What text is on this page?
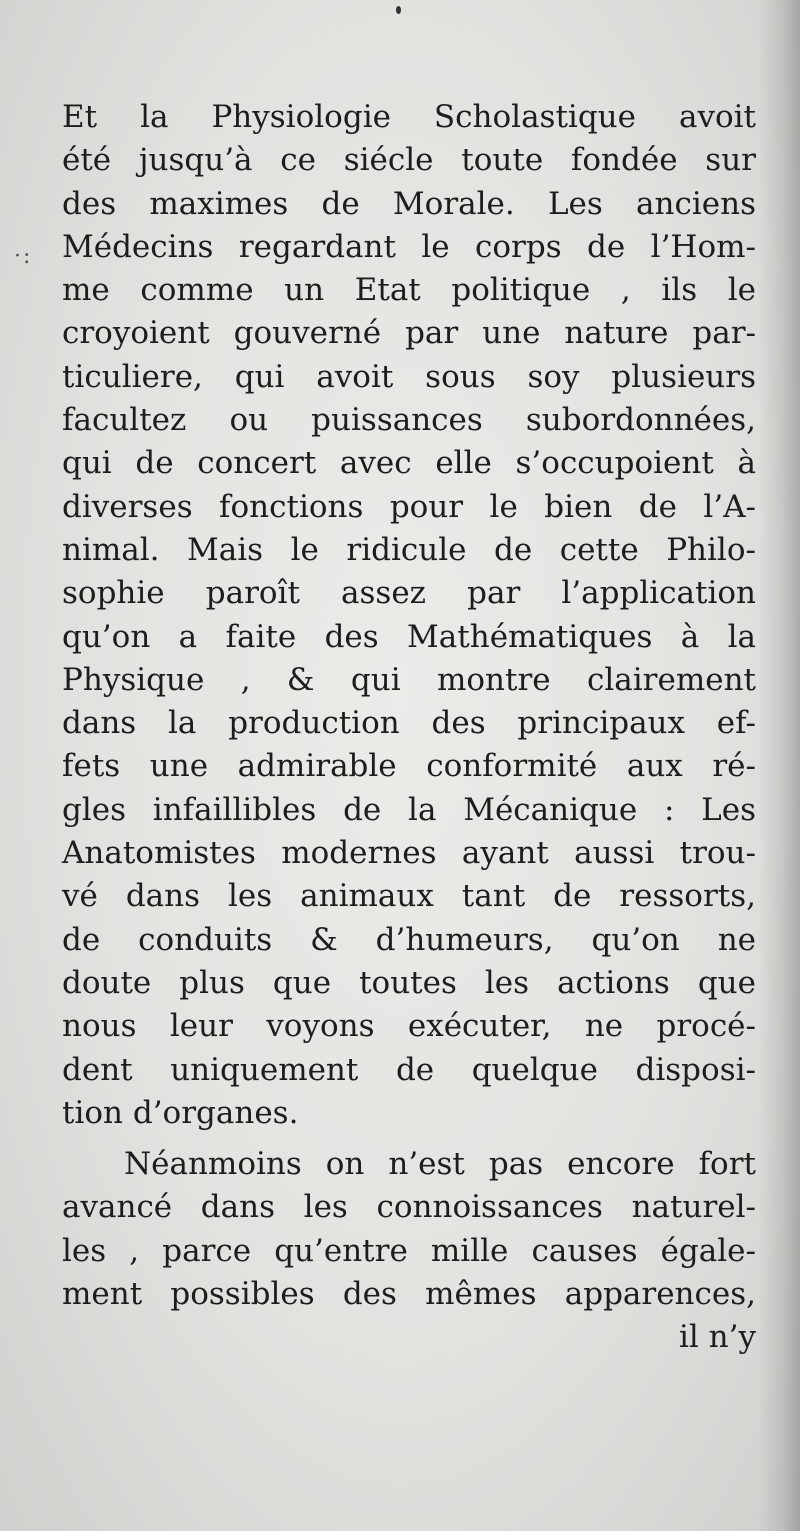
·:
Et la Physiologie Scholastique avoit
été jusqu’à ce siécle toute fondée sur
des maximes de Morale. Les anciens
Médecins regardant le corps de l’Hom-
me comme un Etat politique , ils le
croyoient gouverné par une nature par-
ticuliere, qui avoit sous soy plusieurs
facultez ou puissances subordonnées,
qui de concert avec elle s’occupoient à
diverses fonctions pour le bien de l’A-
nimal. Mais le ridicule de cette Philo-
sophie paroît assez par l’application
qu’on a faite des Mathématiques à la
Physique , & qui montre clairement
dans la production des principaux ef-
fets une admirable conformité aux ré-
gles infaillibles de la Mécanique : Les
Anatomistes modernes ayant aussi trou-
vé dans les animaux tant de ressorts,
de conduits & d’humeurs, qu’on ne
doute plus que toutes les actions que
nous leur voyons exécuter, ne procé-
dent uniquement de quelque disposi-
tion d’organes.
Néanmoins on n’est pas encore fort
avancé dans les connoissances naturel-
les , parce qu’entre mille causes égale-
ment possibles des mêmes apparences,
il n’y
